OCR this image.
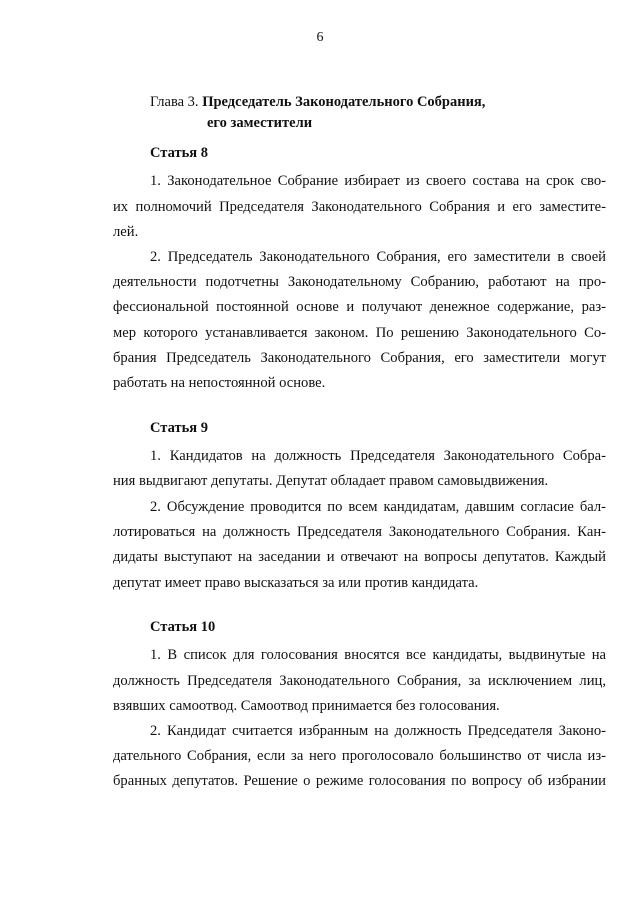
6
Глава 3. Председатель Законодательного Собрания,
его заместители
Статья 8
1. Законодательное Собрание избирает из своего состава на срок сво-
их полномочий Председателя Законодательного Собрания и его заместите-
лей.
2. Председатель Законодательного Собрания, его заместители в своей
деятельности подотчетны Законодательному Собранию, работают на про-
фессиональной постоянной основе и получают денежное содержание, раз-
мер которого устанавливается законом. По решению Законодательного Со-
брания Председатель Законодательного Собрания, его заместители могут
работать на непостоянной основе.
Статья 9
1. Кандидатов на должность Председателя Законодательного Собра-
ния выдвигают депутаты. Депутат обладает правом самовыдвижения.
2. Обсуждение проводится по всем кандидатам, давшим согласие бал-
лотироваться на должность Председателя Законодательного Собрания. Кан-
дидаты выступают на заседании и отвечают на вопросы депутатов. Каждый
депутат имеет право высказаться за или против кандидата.
Статья 10
1. В список для голосования вносятся все кандидаты, выдвинутые на
должность Председателя Законодательного Собрания, за исключением лиц,
взявших самоотвод. Самоотвод принимается без голосования.
2. Кандидат считается избранным на должность Председателя Законо-
дательного Собрания, если за него проголосовало большинство от числа из-
бранных депутатов. Решение о режиме голосования по вопросу об избрании
